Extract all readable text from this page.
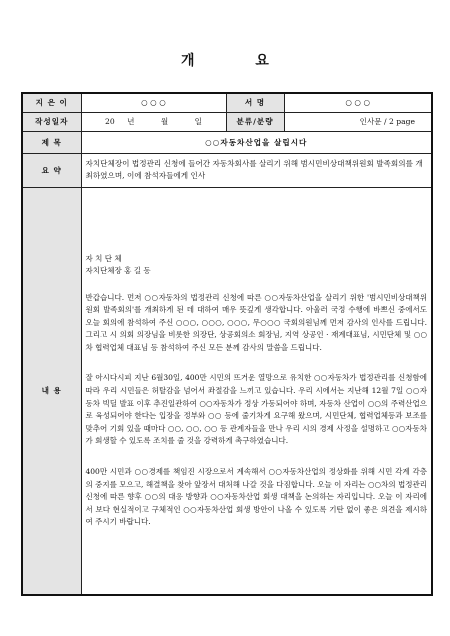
개 요
지 은 이	○ ○ ○	서 명	○ ○ ○
작성일자	20 년 월 일	분류/분량	인사문 / 2 page
제 목	○○자동차산업을 살립시다		
요 약	자치단체장이 법정관리 신청에 들어간 자동차회사를 살리기 위해 범시민비상대책위원회 발족회의를 개최하였으며, 이에 참석자들에게 인사		
내 용	자 치 단 체
자치단체장 홍 길 동
반갑습니다. 먼저 ○○자동차의 법정관리 신청에 따른 ○○자동차산업을 살리기 위한 '범시민비상대책위원회 발족회의'를 개최하게 된 데 대하여 매우 뜻깊게 생각합니다. 아울러 국정 수행에 바쁘신 중에서도 오늘 회의에 참석하여 주신 ○○○, ○○○, ○○○, 무○○○ 국회의원님께 먼저 감사의 인사를 드립니다. 그리고 시 의회 의장님을 비롯한 의장단, 상공회의소 회장님, 지역 상공인 · 재계대표님, 시민단체 및 ○○차 협력업체 대표님 등 참석하여 주신 모든 분께 감사의 말씀을 드립니다.
잘 아시다시피 지난 6월30일, 400만 시민의 뜨거운 열망으로 유치한 ○○자동차가 법정관리를 신청함에 따라 우리 시민들은 허탈감을 넘어서 좌절감을 느끼고 있습니다. 우리 시에서는 지난해 12월 7일 ○○자동차 빅딜 발표 이후 추진일관하여 ○○자동차가 정상 가동되어야 하며, 자동차 산업이 ○○의 주력산업으로 육성되어야 한다는 입장을 정부와 ○○ 등에 줄기차게 요구해 왔으며, 시민단체, 협력업체등과 보조를 맞추어 기회 있을 때마다 ○○, ○○, ○○ 등 관계자들을 만나 우리 시의 경제 사정을 설명하고 ○○자동차가 회생할 수 있도록 조치를 줄 것을 강력하게 촉구하였습니다.
400만 시민과 ○○경제를 책임진 시장으로서 계속해서 ○○자동차산업의 정상화를 위해 시민 각계 각층의 중지를 모으고, 해결책을 찾아 앞장서 대처해 나갈 것을 다짐합니다. 오늘 이 자리는 ○○차의 법정관리 신청에 따른 향후 ○○의 대응 방향과 ○○자동차산업 회생 대책을 논의하는 자리입니다. 오늘 이 자리에서 보다 현실적이고 구체적인 ○○자동차산업 회생 방안이 나올 수 있도록 기탄 없이 좋은 의견을 제시하여 주시기 바랍니다.		
